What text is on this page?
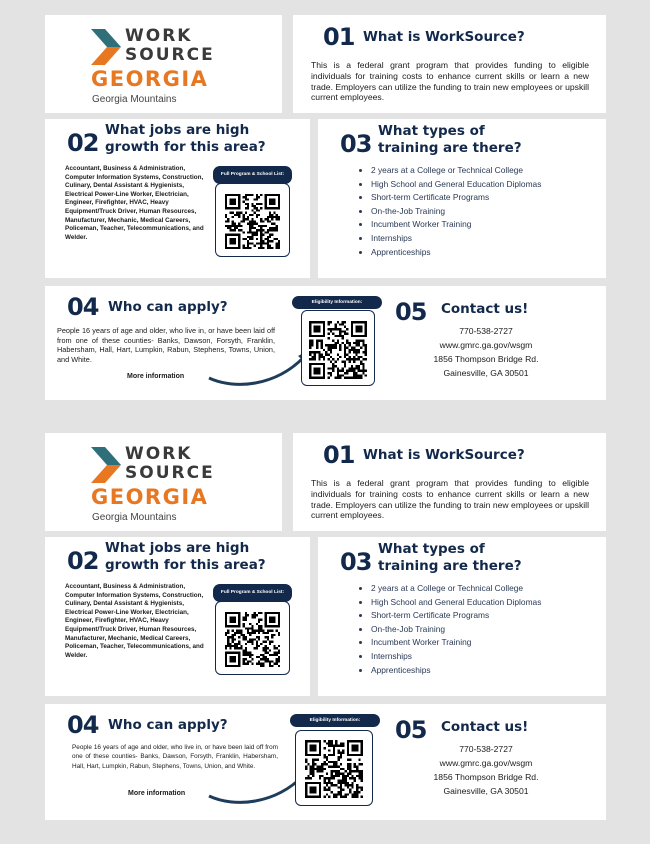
WORK
SOURCE
GEORGIA
Georgia Mountains
01 What is WorkSource?
This is a federal grant program that provides funding to eligible individuals for training costs to enhance current skills or learn a new trade. Employers can utilize the funding to train new employees or upskill current employees.
02 What jobs are high growth for this area?
Accountant, Business & Administration, Computer Information Systems, Construction, Culinary, Dental Assistant & Hygienists, Electrical Power-Line Worker, Electrician, Engineer, Firefighter, HVAC, Heavy Equipment/Truck Driver, Human Resources, Manufacturer, Mechanic, Medical Careers, Policeman, Teacher, Telecommunications, and Welder.
Full Program & School List:
03 What types of training are there?
• 2 years at a College or Technical College
• High School and General Education Diplomas
• Short-term Certificate Programs
• On-the-Job Training
• Incumbent Worker Training
• Internships
• Apprenticeships
04 Who can apply?
People 16 years of age and older, who live in, or have been laid off from one of these counties- Banks, Dawson, Forsyth, Franklin, Habersham, Hall, Hart, Lumpkin, Rabun, Stephens, Towns, Union, and White.
More information
Eligibility Information:	05 Contact us!
770-538-2727
www.gmrc.ga.gov/wsgm
1856 Thompson Bridge Rd.
Gainesville, GA 30501
WORK
SOURCE
GEORGIA
Georgia Mountains
01 What is WorkSource?
This is a federal grant program that provides funding to eligible individuals for training costs to enhance current skills or learn a new trade. Employers can utilize the funding to train new employees or upskill current employees.
02 What jobs are high growth for this area?
Accountant, Business & Administration, Computer Information Systems, Construction, Culinary, Dental Assistant & Hygienists, Electrical Power-Line Worker, Electrician, Engineer, Firefighter, HVAC, Heavy Equipment/Truck Driver, Human Resources, Manufacturer, Mechanic, Medical Careers, Policeman, Teacher, Telecommunications, and Welder.
Full Program & School List:
03 What types of training are there?
• 2 years at a College or Technical College
• High School and General Education Diplomas
• Short-term Certificate Programs
• On-the-Job Training
• Incumbent Worker Training
• Internships
• Apprenticeships
04 Who can apply?
People 16 years of age and older, who live in, or have been laid off from one of these counties- Banks, Dawson, Forsyth, Franklin, Habersham, Hall, Hart, Lumpkin, Rabun, Stephens, Towns, Union, and White.
More information
Eligibility Information:	05 Contact us!
770-538-2727
www.gmrc.ga.gov/wsgm
1856 Thompson Bridge Rd.
Gainesville, GA 30501
